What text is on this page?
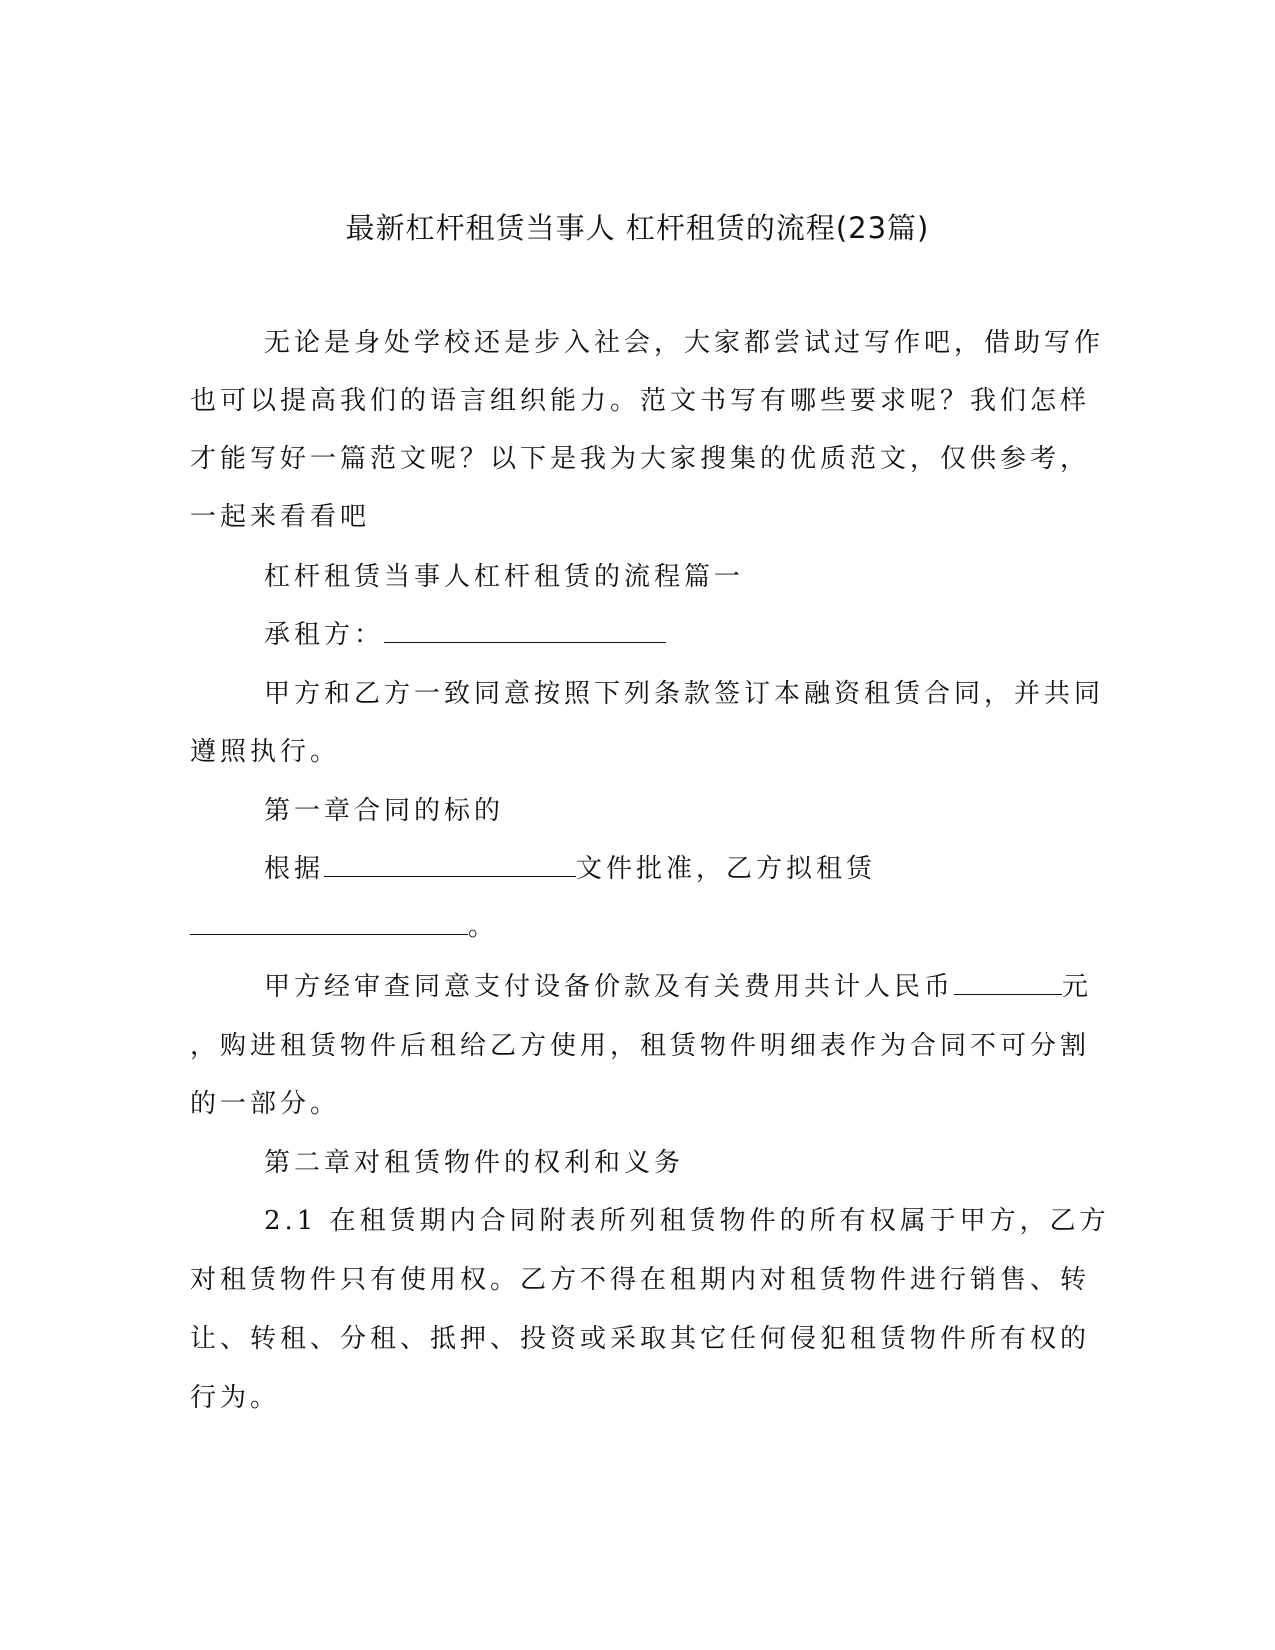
最新杠杆租赁当事人 杠杆租赁的流程(23篇)
无论是身处学校还是步入社会，大家都尝试过写作吧，借助写作
也可以提高我们的语言组织能力。范文书写有哪些要求呢？我们怎样
才能写好一篇范文呢？以下是我为大家搜集的优质范文，仅供参考，
一起来看看吧
杠杆租赁当事人杠杆租赁的流程篇一
承租方：
甲方和乙方一致同意按照下列条款签订本融资租赁合同，并共同
遵照执行。
第一章合同的标的
根据	文件批准，乙方拟租赁
。
甲方经审查同意支付设备价款及有关费用共计人民币	元
，购进租赁物件后租给乙方使用，租赁物件明细表作为合同不可分割
的一部分。
第二章对租赁物件的权利和义务
2.1 在租赁期内合同附表所列租赁物件的所有权属于甲方，乙方
对租赁物件只有使用权。乙方不得在租期内对租赁物件进行销售、转
让、转租、分租、抵押、投资或采取其它任何侵犯租赁物件所有权的
行为。
